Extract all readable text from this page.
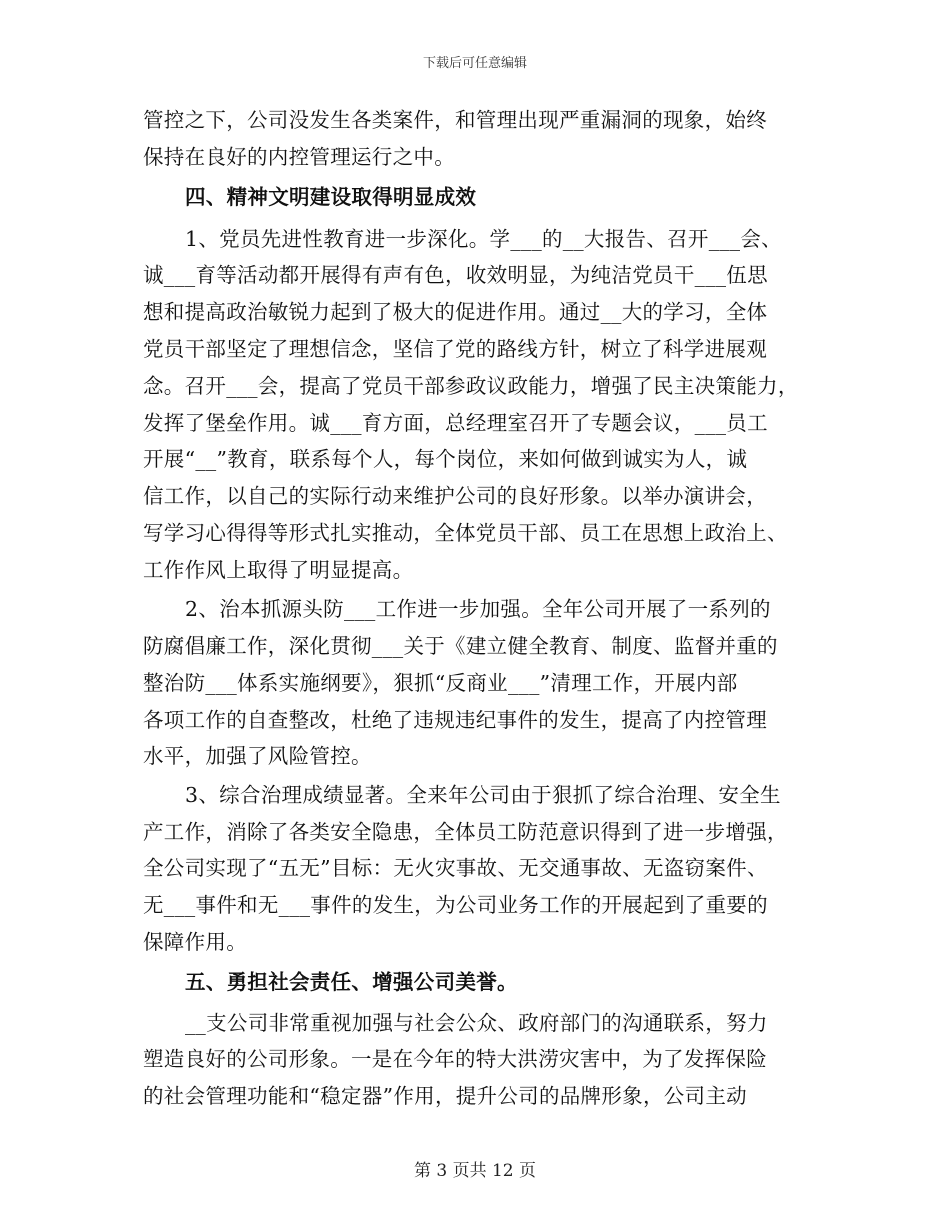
下载后可任意编辑
管控之下，公司没发生各类案件，和管理出现严重漏洞的现象，始终
保持在良好的内控管理运行之中。
四、精神文明建设取得明显成效
1、党员先进性教育进一步深化。学___的__大报告、召开___会、
诚___育等活动都开展得有声有色，收效明显，为纯洁党员干___伍思
想和提高政治敏锐力起到了极大的促进作用。通过__大的学习，全体
党员干部坚定了理想信念，坚信了党的路线方针，树立了科学进展观
念。召开___会，提高了党员干部参政议政能力，增强了民主决策能力，
发挥了堡垒作用。诚___育方面，总经理室召开了专题会议，___员工
开展“__”教育，联系每个人，每个岗位，来如何做到诚实为人，诚
信工作，以自己的实际行动来维护公司的良好形象。以举办演讲会，
写学习心得得等形式扎实推动，全体党员干部、员工在思想上政治上、
工作作风上取得了明显提高。
2、治本抓源头防___工作进一步加强。全年公司开展了一系列的
防腐倡廉工作，深化贯彻___关于《建立健全教育、制度、监督并重的
整治防___体系实施纲要》，狠抓“反商业___”清理工作，开展内部
各项工作的自查整改，杜绝了违规违纪事件的发生，提高了内控管理
水平，加强了风险管控。
3、综合治理成绩显著。全来年公司由于狠抓了综合治理、安全生
产工作，消除了各类安全隐患，全体员工防范意识得到了进一步增强，
全公司实现了“五无”目标：无火灾事故、无交通事故、无盗窃案件、
无___事件和无___事件的发生，为公司业务工作的开展起到了重要的
保障作用。
五、勇担社会责任、增强公司美誉。
__支公司非常重视加强与社会公众、政府部门的沟通联系，努力
塑造良好的公司形象。一是在今年的特大洪涝灾害中，为了发挥保险
的社会管理功能和“稳定器”作用，提升公司的品牌形象，公司主动
第 3 页共 12 页
